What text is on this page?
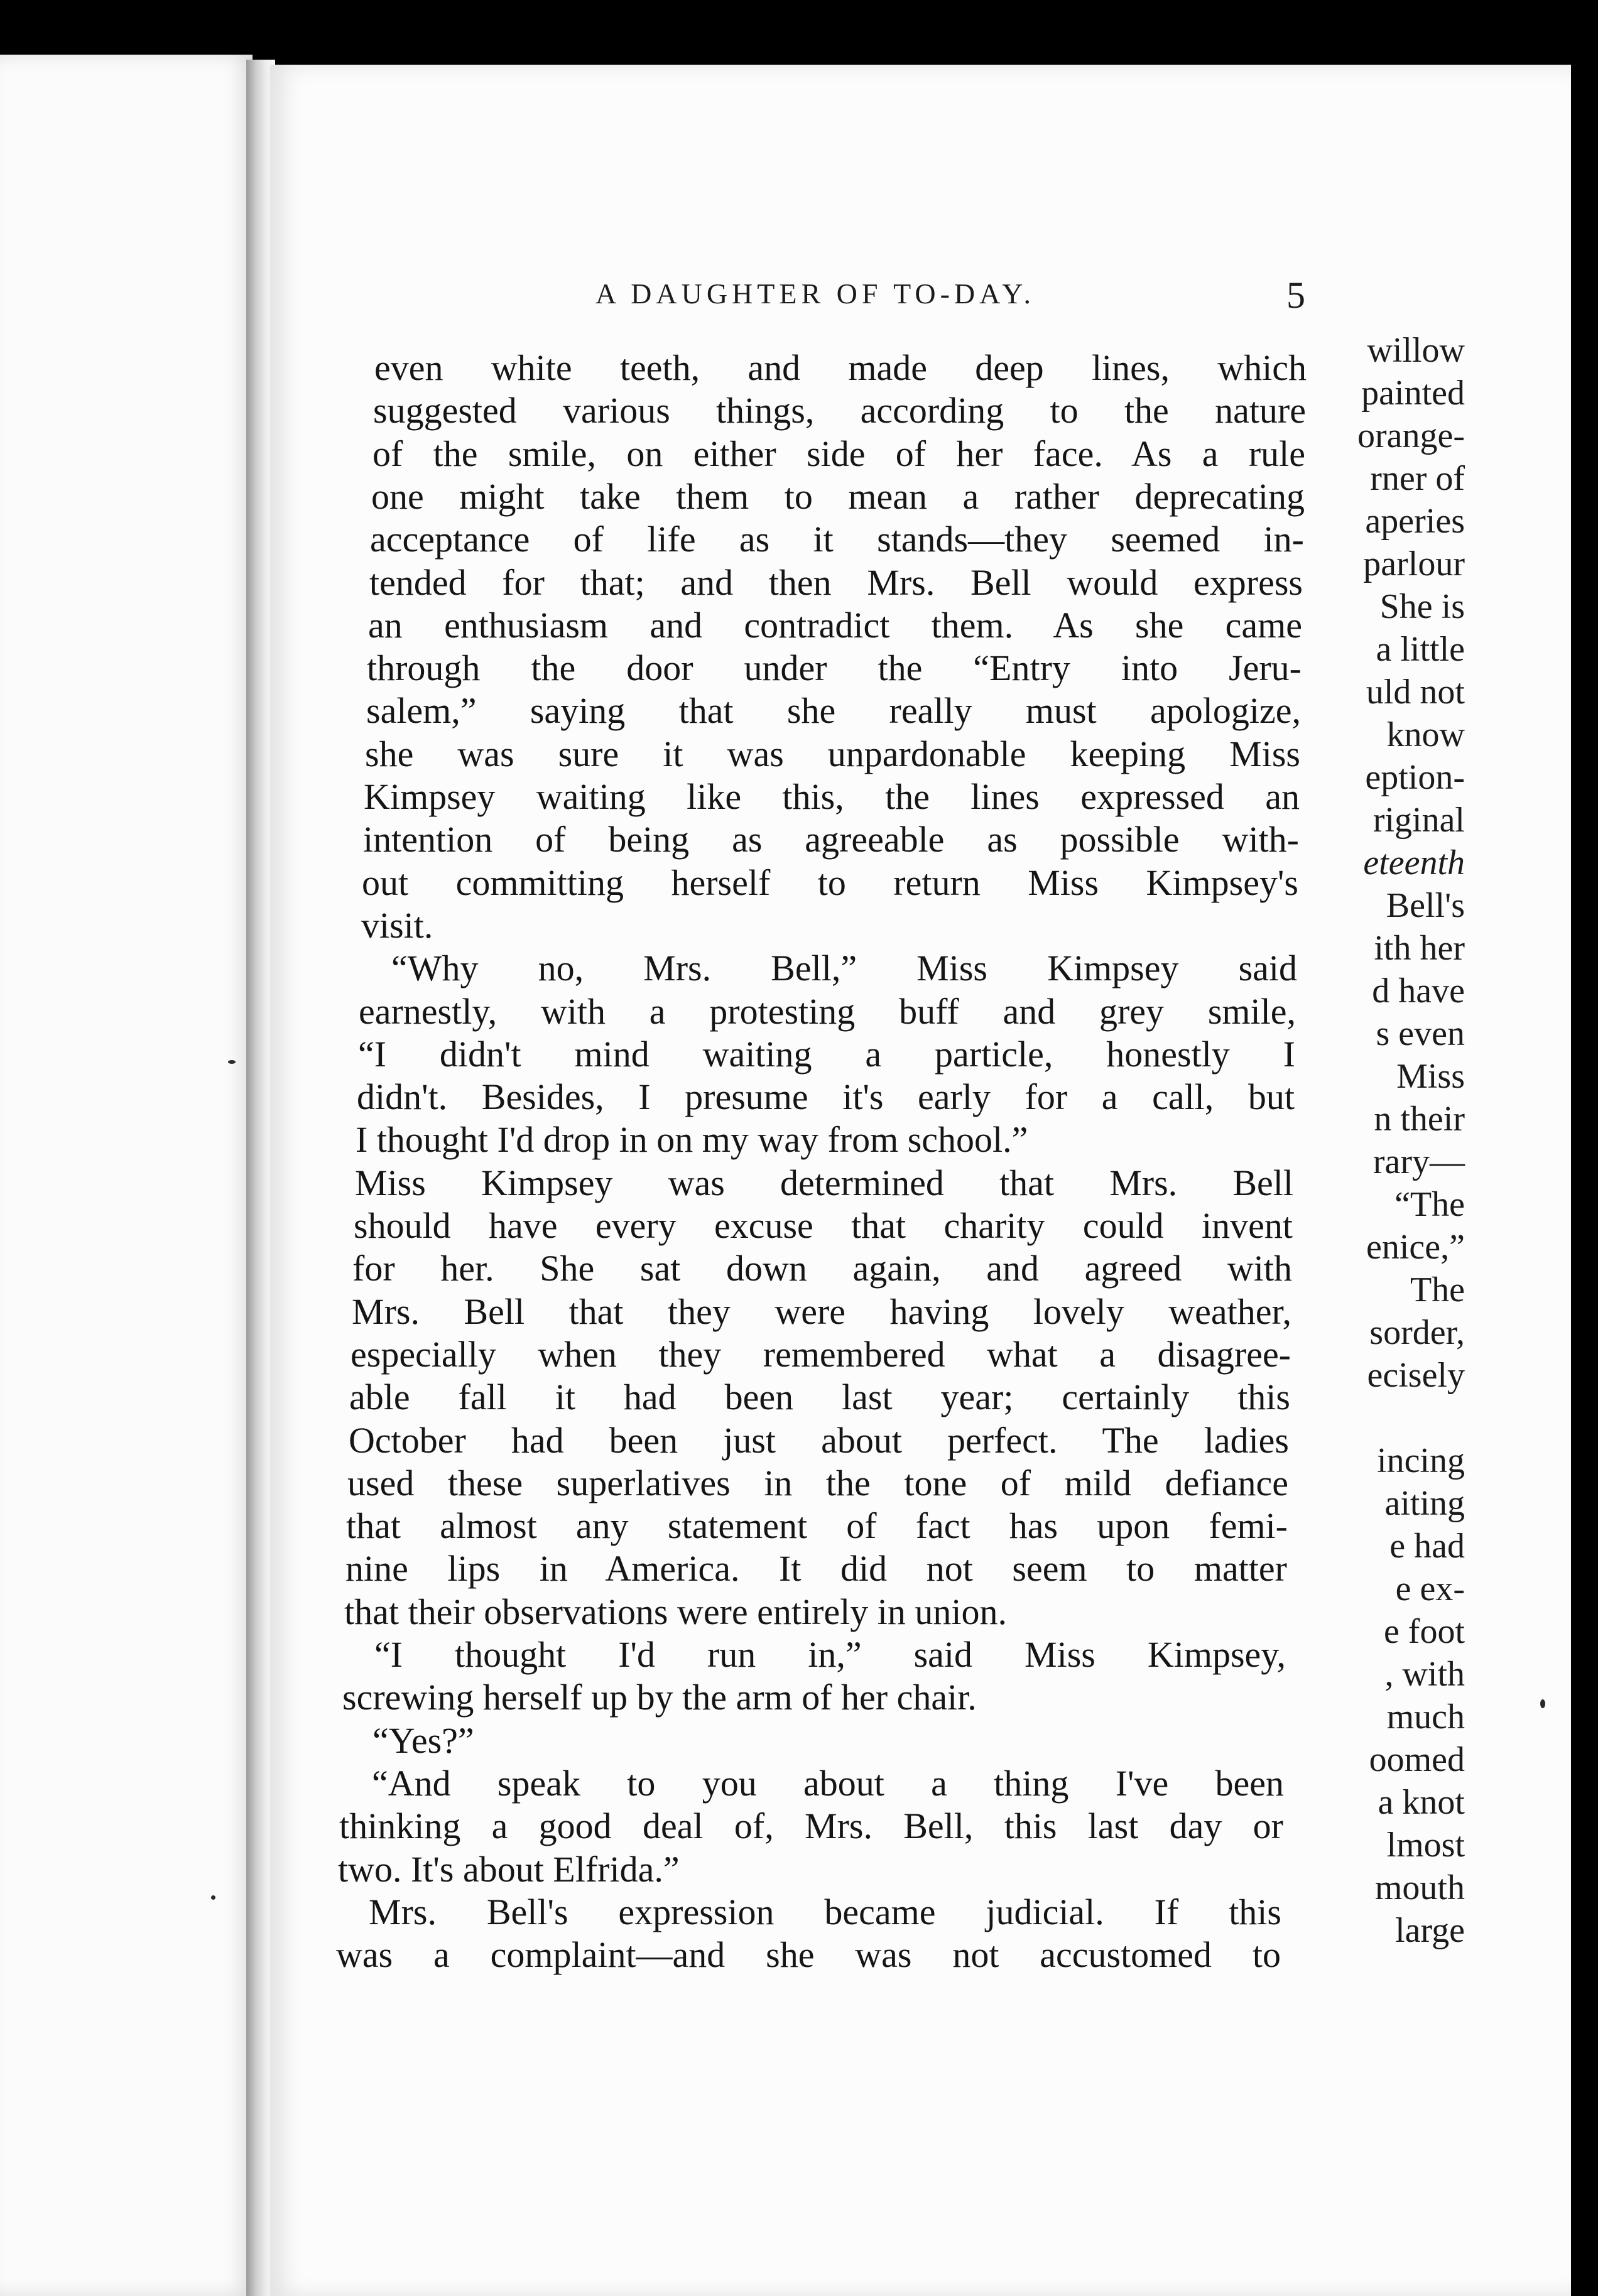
willow
painted
orange-
rner of
aperies
parlour
She is
a little
uld not
know
eption-
riginal
eteenth
Bell's
ith her
d have
s even
Miss
n their
rary—
“The
enice,”
The
sorder,
ecisely
incing
aiting
e had
e ex-
e foot
, with
much
oomed
a knot
lmost
mouth
large
A DAUGHTER OF TO-DAY.	5
even white teeth, and made deep lines, which
suggested various things, according to the nature
of the smile, on either side of her face. As a rule
one might take them to mean a rather deprecating
acceptance of life as it stands—they seemed in-
tended for that; and then Mrs. Bell would express
an enthusiasm and contradict them. As she came
through the door under the “Entry into Jeru-
salem,” saying that she really must apologize,
she was sure it was unpardonable keeping Miss
Kimpsey waiting like this, the lines expressed an
intention of being as agreeable as possible with-
out committing herself to return Miss Kimpsey's
visit.
“Why no, Mrs. Bell,” Miss Kimpsey said
earnestly, with a protesting buff and grey smile,
“I didn't mind waiting a particle, honestly I
didn't. Besides, I presume it's early for a call, but
I thought I'd drop in on my way from school.”
Miss Kimpsey was determined that Mrs. Bell
should have every excuse that charity could invent
for her. She sat down again, and agreed with
Mrs. Bell that they were having lovely weather,
especially when they remembered what a disagree-
able fall it had been last year; certainly this
October had been just about perfect. The ladies
used these superlatives in the tone of mild defiance
that almost any statement of fact has upon femi-
nine lips in America. It did not seem to matter
that their observations were entirely in union.
“I thought I'd run in,” said Miss Kimpsey,
screwing herself up by the arm of her chair.
“Yes?”
“And speak to you about a thing I've been
thinking a good deal of, Mrs. Bell, this last day or
two. It's about Elfrida.”
Mrs. Bell's expression became judicial. If this
was a complaint—and she was not accustomed to
